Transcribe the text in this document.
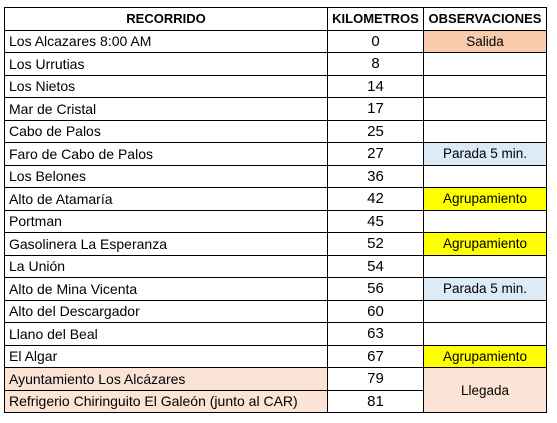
RECORRIDO	KILOMETROS	OBSERVACIONES
Los Alcazares 8:00 AM	0	Salida
Los Urrutias	8	
Los Nietos	14	
Mar de Cristal	17	
Cabo de Palos	25	
Faro de Cabo de Palos	27	Parada 5 min.
Los Belones	36	
Alto de Atamaría	42	Agrupamiento
Portman	45	
Gasolinera La Esperanza	52	Agrupamiento
La Unión	54	
Alto de Mina Vicenta	56	Parada 5 min.
Alto del Descargador	60	
Llano del Beal	63	
El Algar	67	Agrupamiento
Ayuntamiento Los Alcázares	79	Llegada
Refrigerio Chiringuito El Galeón (junto al CAR)	81	
